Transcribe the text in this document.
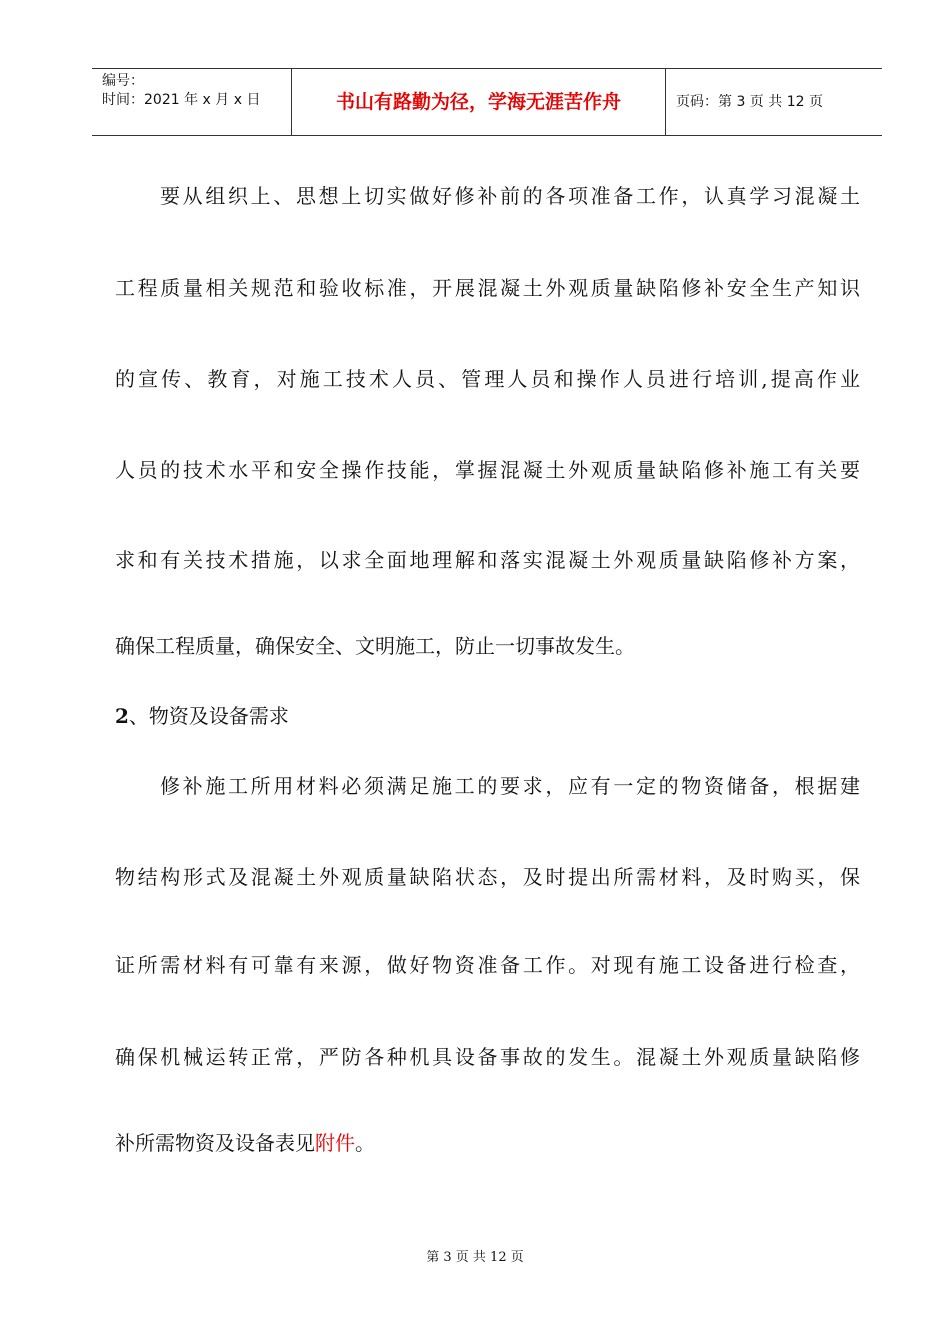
编号：
时间：2021 年 x 月 x 日	书山有路勤为径，学海无涯苦作舟	页码：第 3 页 共 12 页

要从组织上、思想上切实做好修补前的各项准备工作，认真学习混凝土

工程质量相关规范和验收标准，开展混凝土外观质量缺陷修补安全生产知识

的宣传、教育，对施工技术人员、管理人员和操作人员进行培训,提高作业

人员的技术水平和安全操作技能，掌握混凝土外观质量缺陷修补施工有关要

求和有关技术措施，以求全面地理解和落实混凝土外观质量缺陷修补方案，

确保工程质量，确保安全、文明施工，防止一切事故发生。

2、物资及设备需求

修补施工所用材料必须满足施工的要求，应有一定的物资储备，根据建

物结构形式及混凝土外观质量缺陷状态，及时提出所需材料，及时购买，保

证所需材料有可靠有来源，做好物资准备工作。对现有施工设备进行检查，

确保机械运转正常，严防各种机具设备事故的发生。混凝土外观质量缺陷修

补所需物资及设备表见附件。

第 3 页 共 12 页
